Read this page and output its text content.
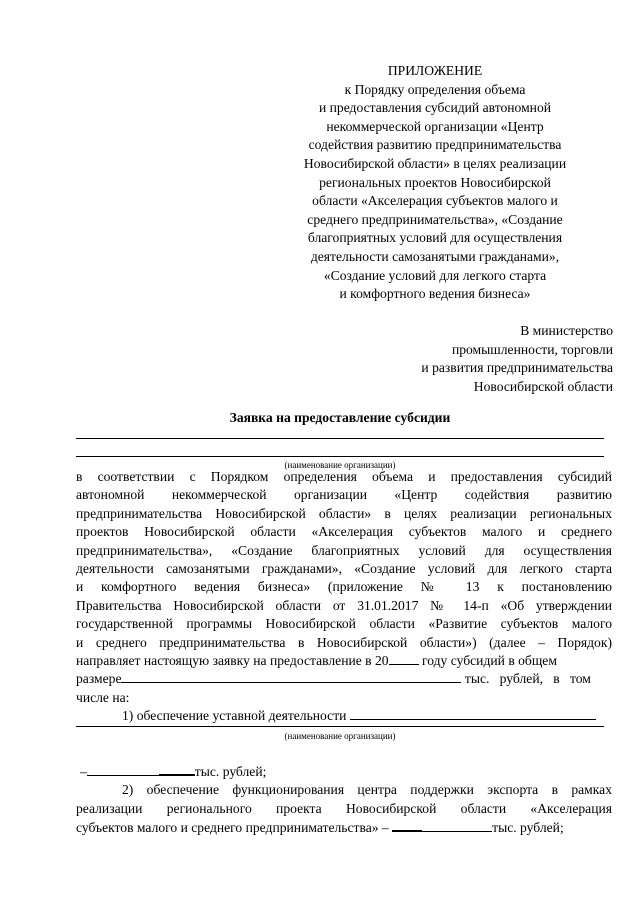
ПРИЛОЖЕНИЕ
к Порядку определения объема
и предоставления субсидий автономной
некоммерческой организации «Центр
содействия развитию предпринимательства
Новосибирской области» в целях реализации
региональных проектов Новосибирской
области «Акселерация субъектов малого и
среднего предпринимательства», «Создание
благоприятных условий для осуществления
деятельности самозанятыми гражданами»,
«Создание условий для легкого старта
и комфортного ведения бизнеса»
В министерство
промышленности, торговли
и развития предпринимательства
Новосибирской области
Заявка на предоставление субсидии
(наименование организации)
в соответствии с Порядком определения объема и предоставления субсидий
автономной некоммерческой организации «Центр содействия развитию
предпринимательства Новосибирской области» в целях реализации региональных
проектов Новосибирской области «Акселерация субъектов малого и среднего
предпринимательства», «Создание благоприятных условий для осуществления
деятельности самозанятыми гражданами», «Создание условий для легкого старта
и комфортного ведения бизнеса» (приложение № 13 к постановлению
Правительства Новосибирской области от 31.01.2017 № 14-п «Об утверждении
государственной программы Новосибирской области «Развитие субъектов малого
и среднего предпринимательства в Новосибирской области») (далее – Порядок)
направляет настоящую заявку на предоставление в 20 году субсидий в общем
размере	тыс. рублей, в том
числе на:
1) обеспечение уставной деятельности
(наименование организации)
–	тыс. рублей;
2) обеспечение функционирования центра поддержки экспорта в рамках
реализации регионального проекта Новосибирской области «Акселерация
субъектов малого и среднего предпринимательства» –	тыс. рублей;
